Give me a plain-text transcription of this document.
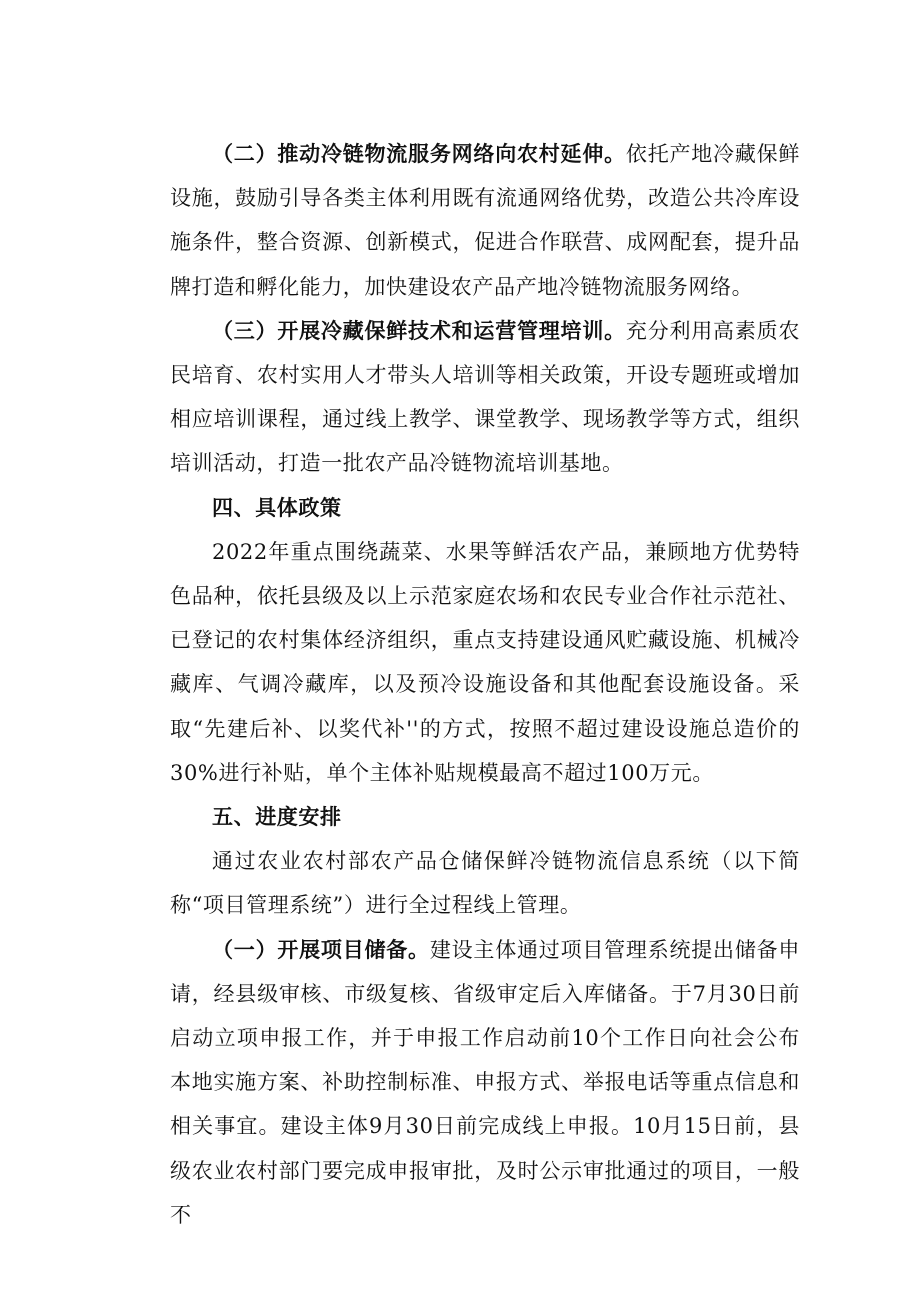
（二）推动冷链物流服务网络向农村延伸。依托产地冷藏保鲜设施，鼓励引导各类主体利用既有流通网络优势，改造公共冷库设施条件，整合资源、创新模式，促进合作联营、成网配套，提升品牌打造和孵化能力，加快建设农产品产地冷链物流服务网络。

（三）开展冷藏保鲜技术和运营管理培训。充分利用高素质农民培育、农村实用人才带头人培训等相关政策，开设专题班或增加相应培训课程，通过线上教学、课堂教学、现场教学等方式，组织培训活动，打造一批农产品冷链物流培训基地。

四、具体政策

2022年重点围绕蔬菜、水果等鲜活农产品，兼顾地方优势特色品种，依托县级及以上示范家庭农场和农民专业合作社示范社、已登记的农村集体经济组织，重点支持建设通风贮藏设施、机械冷藏库、气调冷藏库，以及预冷设施设备和其他配套设施设备。采取“先建后补、以奖代补''的方式，按照不超过建设设施总造价的30%进行补贴，单个主体补贴规模最高不超过100万元。

五、进度安排

通过农业农村部农产品仓储保鲜冷链物流信息系统（以下简称“项目管理系统”）进行全过程线上管理。

（一）开展项目储备。建设主体通过项目管理系统提出储备申请，经县级审核、市级复核、省级审定后入库储备。于7月30日前启动立项申报工作，并于申报工作启动前10个工作日向社会公布本地实施方案、补助控制标准、申报方式、举报电话等重点信息和相关事宜。建设主体9月30日前完成线上申报。10月15日前，县级农业农村部门要完成申报审批，及时公示审批通过的项目，一般不
